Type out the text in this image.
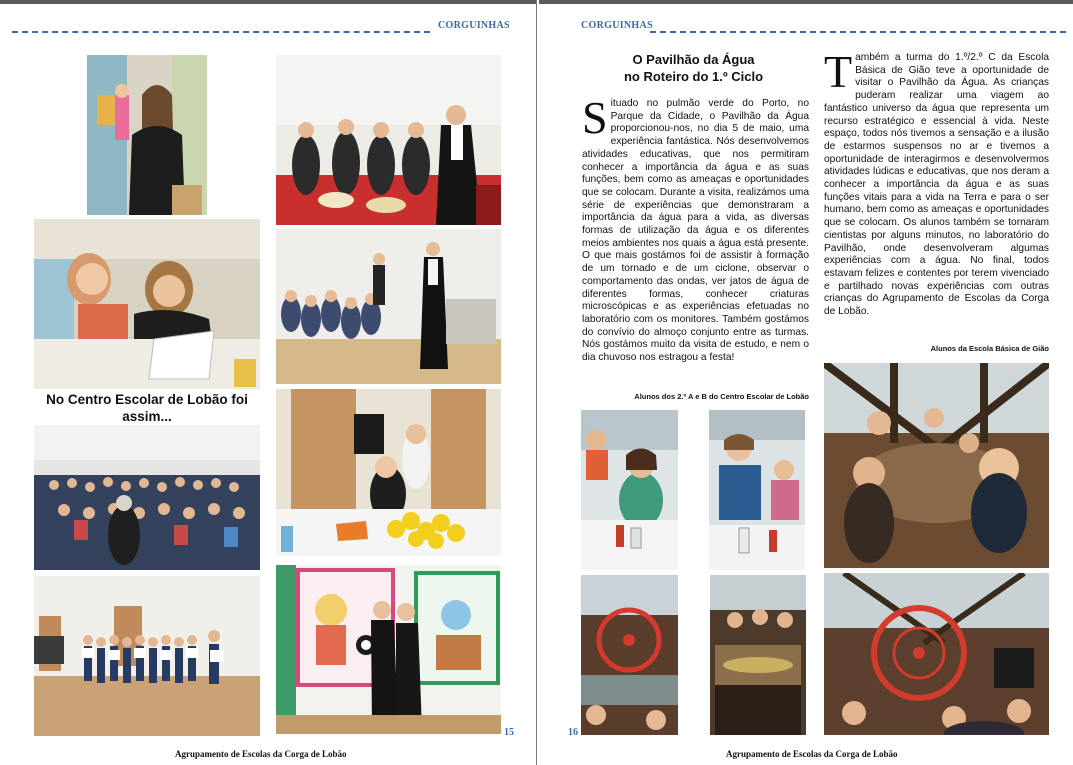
CORGUINHAS
No Centro Escolar de Lobão foi assim...
15
Agrupamento de Escolas da Corga de Lobão
CORGUINHAS
O Pavilhão da Água
no Roteiro do 1.º Ciclo
Situado no pulmão verde do Porto, no Parque da Cidade, o Pavilhão da Água proporcionou-nos, no dia 5 de maio, uma experiência fantástica. Nós desenvolvemos atividades educativas, que nos permitiram conhecer a importância da água e as suas funções, bem como as ameaças e oportunidades que se colocam. Durante a visita, realizámos uma série de experiências que demonstraram a importância da água para a vida, as diversas formas de utilização da água e os diferentes meios ambientes nos quais a água está presente. O que mais gostámos foi de assistir à formação de um tornado e de um ciclone, observar o comportamento das ondas, ver jatos de água de diferentes formas, conhecer criaturas microscópicas e as experiências efetuadas no laboratório com os monitores. Também gostámos do convívio do almoço conjunto entre as turmas. Nós gostámos muito da visita de estudo, e nem o dia chuvoso nos estragou a festa!
Alunos dos 2.º A e B do Centro Escolar de Lobão
Também a turma do 1.º/2.º C da Escola Básica de Gião teve a oportunidade de visitar o Pavilhão da Água. As crianças puderam realizar uma viagem ao fantástico universo da água que representa um recurso estratégico e essencial à vida. Neste espaço, todos nós tivemos a sensação e a ilusão de estarmos suspensos no ar e tivemos a oportunidade de interagirmos e desenvolvermos atividades lúdicas e educativas, que nos deram a conhecer a importância da água e as suas funções vitais para a vida na Terra e para o ser humano, bem como as ameaças e oportunidades que se colocam. Os alunos também se tornaram cientistas por alguns minutos, no laboratório do Pavilhão, onde desenvolveram algumas experiências com a água. No final, todos estavam felizes e contentes por terem vivenciado e partilhado novas experiências com outras crianças do Agrupamento de Escolas da Corga de Lobão.
Alunos da Escola Básica de Gião
16
Agrupamento de Escolas da Corga de Lobão
